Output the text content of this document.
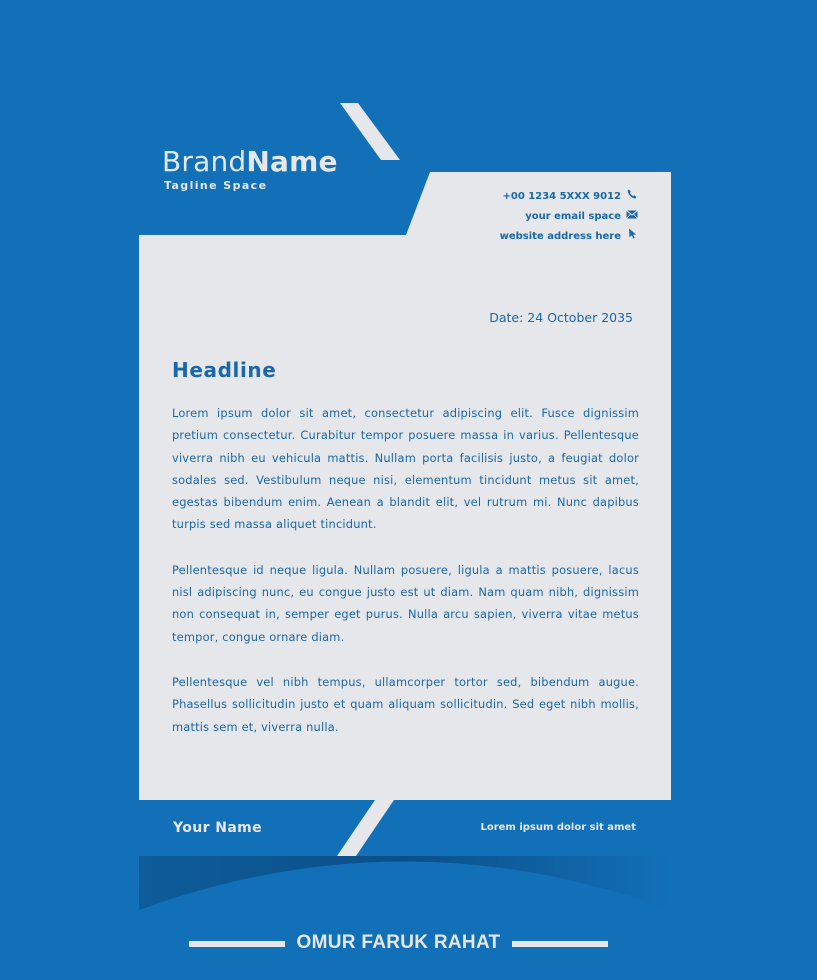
BrandName
Tagline Space
+00 1234 5XXX 9012
your email space
website address here
Date: 24 October 2035
Headline

Lorem ipsum dolor sit amet, consectetur adipiscing elit. Fusce dignissim pretium consectetur. Curabitur tempor posuere massa in varius. Pellentesque viverra nibh eu vehicula mattis. Nullam porta facilisis justo, a feugiat dolor sodales sed. Vestibulum neque nisi, elementum tincidunt metus sit amet, egestas bibendum enim. Aenean a blandit elit, vel rutrum mi. Nunc dapibus turpis sed massa aliquet tincidunt.

Pellentesque id neque ligula. Nullam posuere, ligula a mattis posuere, lacus nisl adipiscing nunc, eu congue justo est ut diam. Nam quam nibh, dignissim non consequat in, semper eget purus. Nulla arcu sapien, viverra vitae metus tempor, congue ornare diam.

Pellentesque vel nibh tempus, ullamcorper tortor sed, bibendum augue. Phasellus sollicitudin justo et quam aliquam sollicitudin. Sed eget nibh mollis, mattis sem et, viverra nulla.

Your Name	Lorem ipsum dolor sit amet
OMUR FARUK RAHAT
